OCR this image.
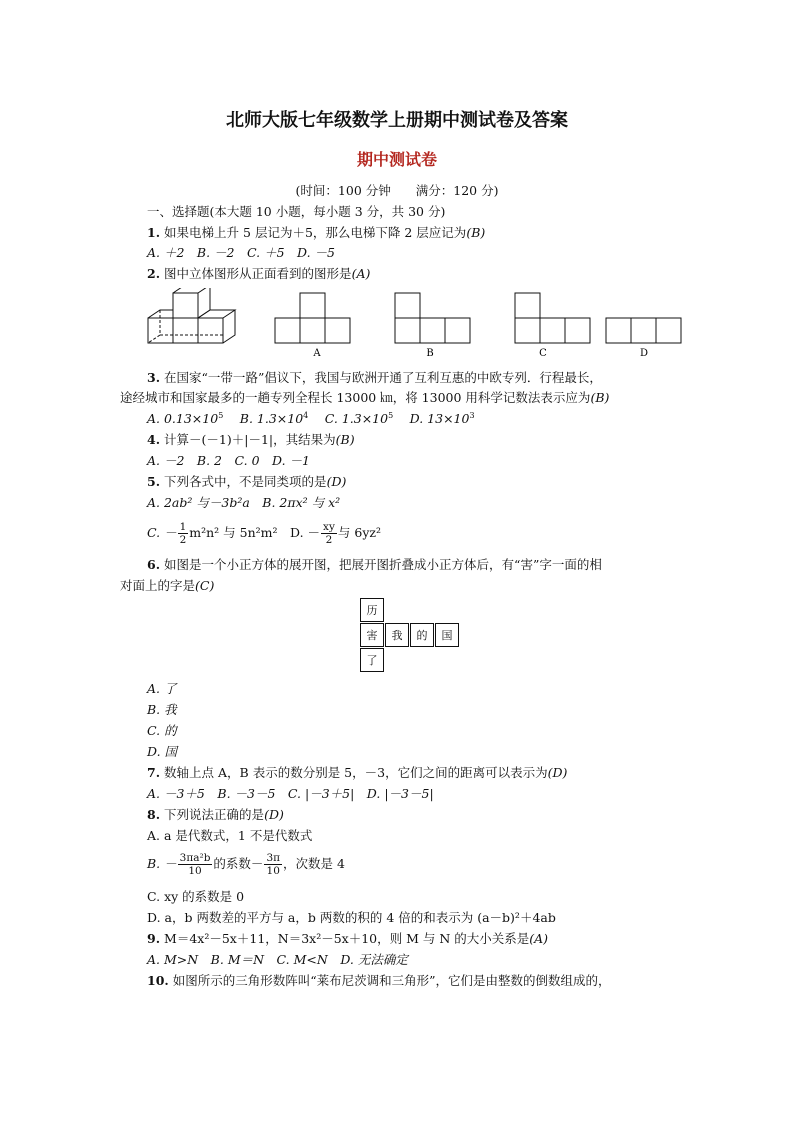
北师大版七年级数学上册期中测试卷及答案
期中测试卷
(时间：100 分钟　　满分：120 分)
一、选择题(本大题 10 小题，每小题 3 分，共 30 分)
1. 如果电梯上升 5 层记为＋5，那么电梯下降 2 层应记为(B)
A. ＋2　B. －2　C. ＋5　D. －5
2. 图中立体图形从正面看到的图形是(A)
A	B	C	D
3. 在国家“一带一路”倡议下，我国与欧洲开通了互利互惠的中欧专列．行程最长，
途经城市和国家最多的一趟专列全程长 13000 ㎞，将 13000 用科学记数法表示应为(B)
A. $0.13\times 10^5$　 B. $1.3\times 10^4$　 C. $1.3\times 10^5$　 D. $13\times 10^3$
4. 计算－(－1)＋|－1|，其结果为(B)
A. －2　B. 2　C. 0　D. －1
5. 下列各式中，不是同类项的是(D)
A. 2ab² 与－3b²a　B. 2πx² 与 x²
C. － $\frac{1}{2} m^2n^2$ 与 5n²m²　D. － $\frac{xy}{2}$ 与 6yz²
6. 如图是一个小正方体的展开图，把展开图折叠成小正方体后，有“害”字一面的相
对面上的字是(C)
历
害	我	的	国
了
A. 了
B. 我
C. 的
D. 国
7. 数轴上点 A，B 表示的数分别是 5，－3，它们之间的距离可以表示为(D)
A. －3＋5　B. －3－5　C. |－3＋5|　D. |－3－5|
8. 下列说法正确的是(D)
A. a 是代数式，1 不是代数式
B. － $\frac{\text{3πa²b}}{10}$ 的系数－ $\frac{3\pi}{10}$ ，次数是 4
C. xy 的系数是 0
D. a，b 两数差的平方与 a，b 两数的积的 4 倍的和表示为 (a－b)²＋4ab
9. M＝4x²－5x＋11，N＝3x²－5x＋10，则 M 与 N 的大小关系是(A)
A. M>N　B. M＝N　C. M<N　D. 无法确定
10. 如图所示的三角形数阵叫“莱布尼茨调和三角形”，它们是由整数的倒数组成的，
